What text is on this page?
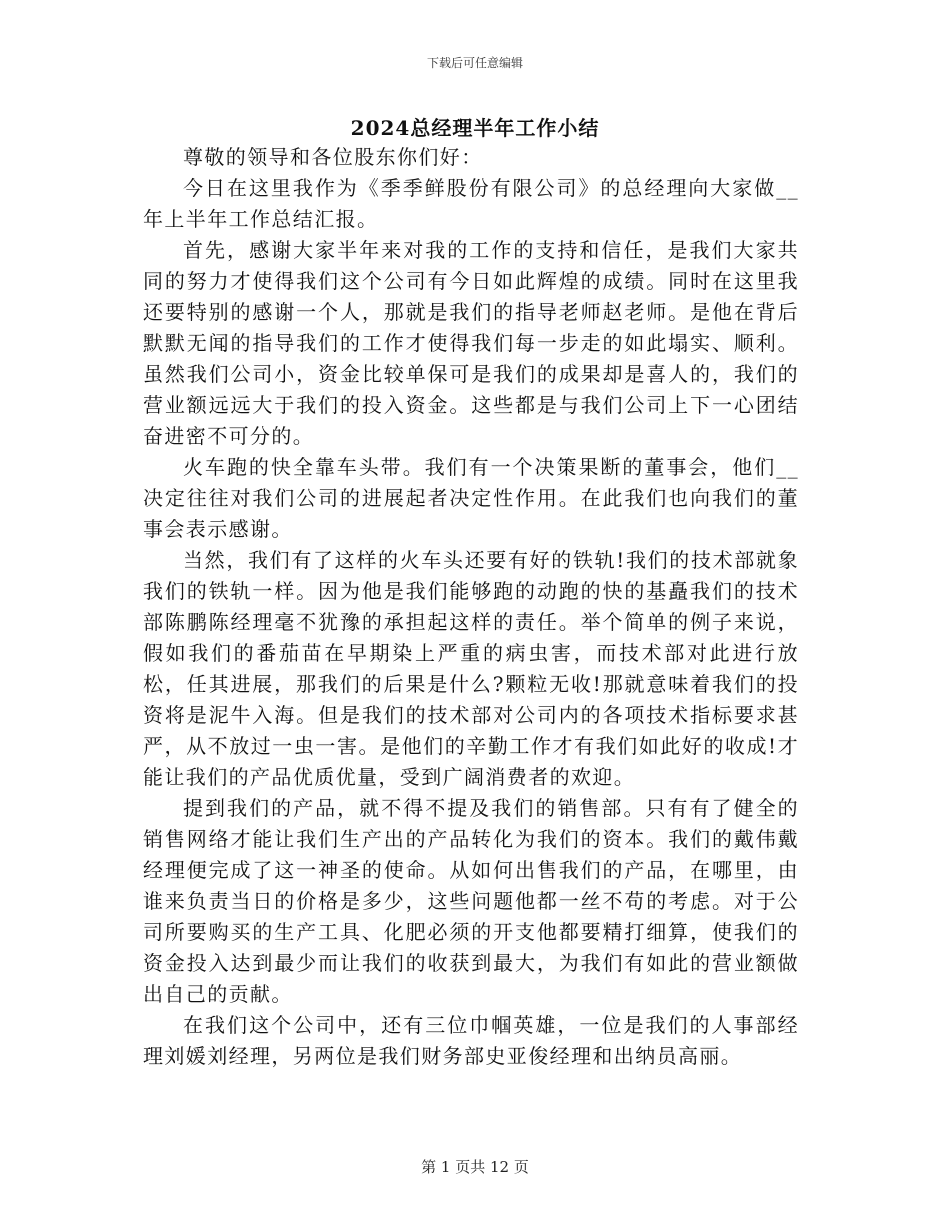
下载后可任意编辑
2024总经理半年工作小结

尊敬的领导和各位股东你们好：

今日在这里我作为《季季鲜股份有限公司》的总经理向大家做__年上半年工作总结汇报。

首先，感谢大家半年来对我的工作的支持和信任，是我们大家共同的努力才使得我们这个公司有今日如此辉煌的成绩。同时在这里我还要特别的感谢一个人，那就是我们的指导老师赵老师。是他在背后默默无闻的指导我们的工作才使得我们每一步走的如此塌实、顺利。虽然我们公司小，资金比较单保可是我们的成果却是喜人的，我们的营业额远远大于我们的投入资金。这些都是与我们公司上下一心团结奋进密不可分的。

火车跑的快全靠车头带。我们有一个决策果断的董事会，他们__决定往往对我们公司的进展起者决定性作用。在此我们也向我们的董事会表示感谢。

当然，我们有了这样的火车头还要有好的铁轨!我们的技术部就象我们的铁轨一样。因为他是我们能够跑的动跑的快的基矗我们的技术部陈鹏陈经理毫不犹豫的承担起这样的责任。举个简单的例子来说，假如我们的番茄苗在早期染上严重的病虫害，而技术部对此进行放松，任其进展，那我们的后果是什么?颗粒无收!那就意味着我们的投资将是泥牛入海。但是我们的技术部对公司内的各项技术指标要求甚严，从不放过一虫一害。是他们的辛勤工作才有我们如此好的收成!才能让我们的产品优质优量，受到广阔消费者的欢迎。

提到我们的产品，就不得不提及我们的销售部。只有有了健全的销售网络才能让我们生产出的产品转化为我们的资本。我们的戴伟戴经理便完成了这一神圣的使命。从如何出售我们的产品，在哪里，由谁来负责当日的价格是多少，这些问题他都一丝不苟的考虑。对于公司所要购买的生产工具、化肥必须的开支他都要精打细算，使我们的资金投入达到最少而让我们的收获到最大，为我们有如此的营业额做出自己的贡献。

在我们这个公司中，还有三位巾帼英雄，一位是我们的人事部经理刘媛刘经理，另两位是我们财务部史亚俊经理和出纳员高丽。

第 1 页共 12 页
